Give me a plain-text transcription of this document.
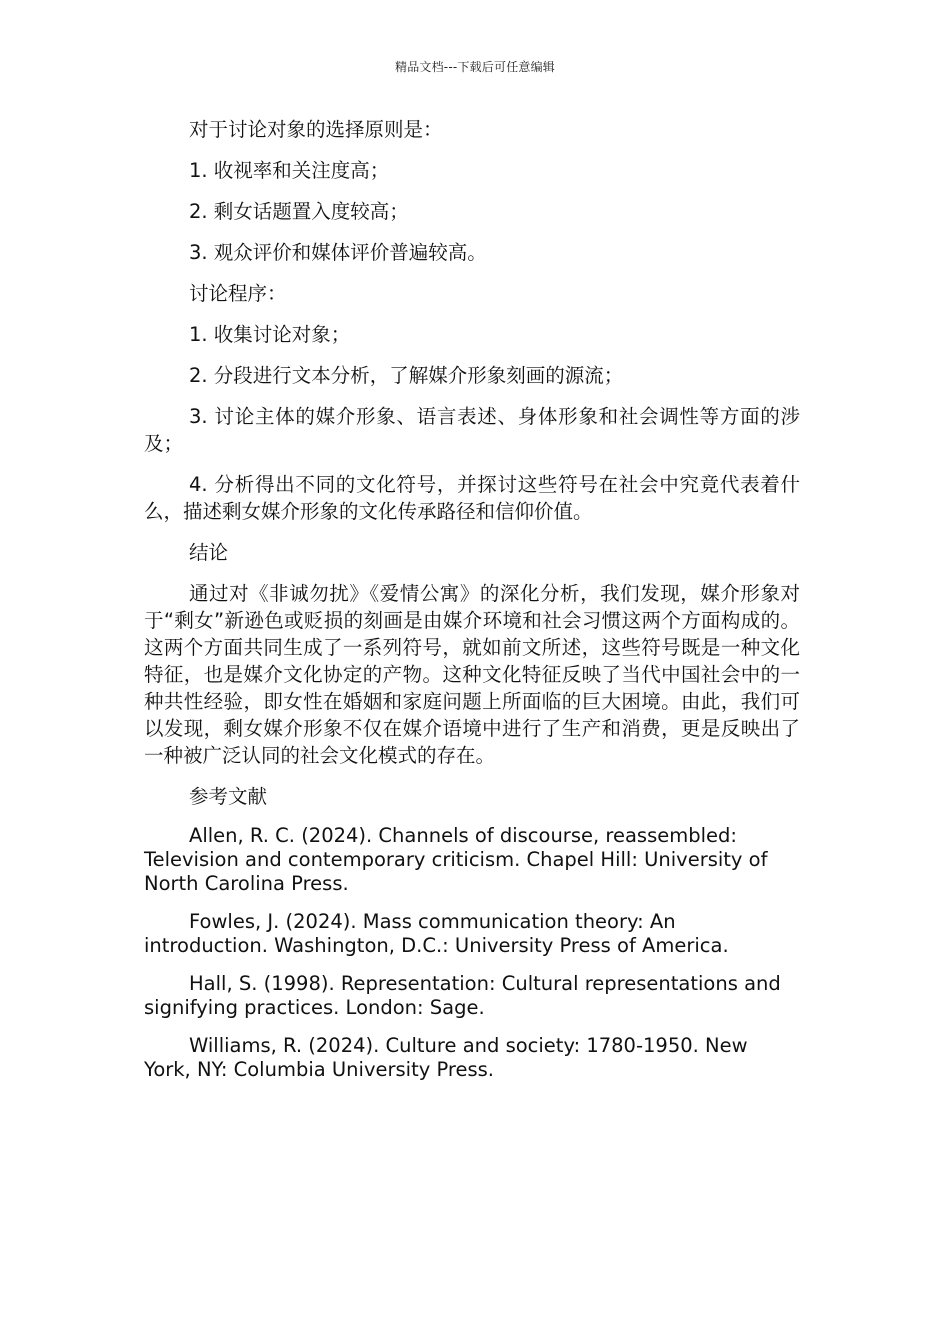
精品文档---下载后可任意编辑

对于讨论对象的选择原则是：

1. 收视率和关注度高；

2. 剩女话题置入度较高；

3. 观众评价和媒体评价普遍较高。

讨论程序：

1. 收集讨论对象；

2. 分段进行文本分析，了解媒介形象刻画的源流；

3. 讨论主体的媒介形象、语言表述、身体形象和社会调性等方面的涉及；

4. 分析得出不同的文化符号，并探讨这些符号在社会中究竟代表着什么，描述剩女媒介形象的文化传承路径和信仰价值。

结论

通过对《非诚勿扰》《爱情公寓》的深化分析，我们发现，媒介形象对于“剩女”新逊色或贬损的刻画是由媒介环境和社会习惯这两个方面构成的。这两个方面共同生成了一系列符号，就如前文所述，这些符号既是一种文化特征，也是媒介文化协定的产物。这种文化特征反映了当代中国社会中的一种共性经验，即女性在婚姻和家庭问题上所面临的巨大困境。由此，我们可以发现，剩女媒介形象不仅在媒介语境中进行了生产和消费，更是反映出了一种被广泛认同的社会文化模式的存在。

参考文献

Allen, R. C. (2024). Channels of discourse, reassembled: Television and contemporary criticism. Chapel Hill: University of North Carolina Press.

Fowles, J. (2024). Mass communication theory: An introduction. Washington, D.C.: University Press of America.

Hall, S. (1998). Representation: Cultural representations and signifying practices. London: Sage.

Williams, R. (2024). Culture and society: 1780-1950. New York, NY: Columbia University Press.
